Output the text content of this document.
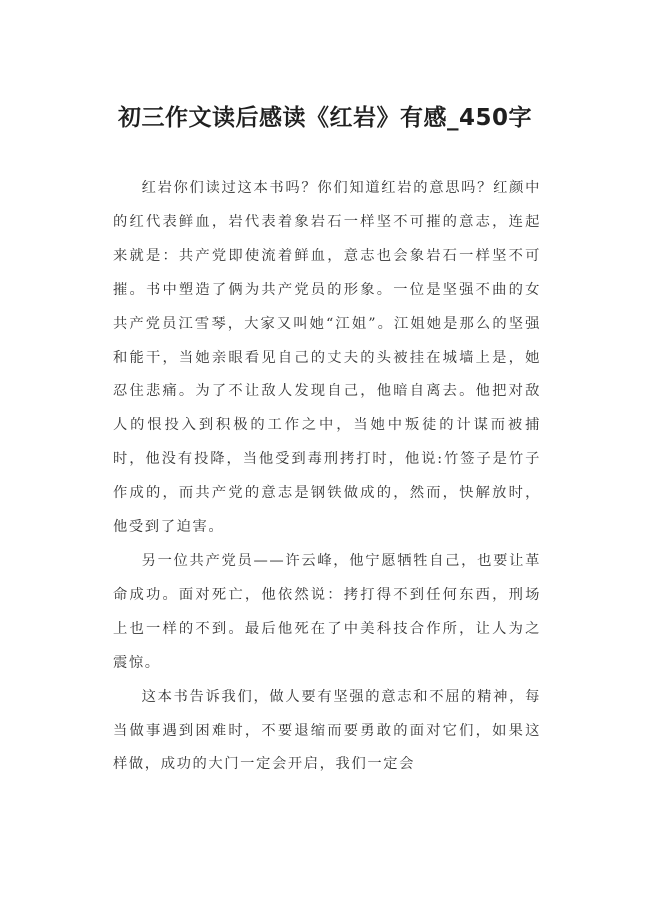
初三作文读后感读《红岩》有感_450字

红岩你们读过这本书吗？你们知道红岩的意思吗？红颜中的红代表鲜血，岩代表着象岩石一样坚不可摧的意志，连起来就是：共产党即使流着鲜血，意志也会象岩石一样坚不可摧。书中塑造了俩为共产党员的形象。一位是坚强不曲的女共产党员江雪琴，大家又叫她“江姐”。江姐她是那么的坚强和能干，当她亲眼看见自己的丈夫的头被挂在城墙上是，她忍住悲痛。为了不让敌人发现自己，他暗自离去。他把对敌人的恨投入到积极的工作之中，当她中叛徒的计谋而被捕时，他没有投降，当他受到毒刑拷打时，他说:竹签子是竹子作成的，而共产党的意志是钢铁做成的，然而，快解放时，他受到了迫害。

另一位共产党员——许云峰，他宁愿牺牲自己，也要让革命成功。面对死亡，他依然说：拷打得不到任何东西，刑场上也一样的不到。最后他死在了中美科技合作所，让人为之震惊。

这本书告诉我们，做人要有坚强的意志和不屈的精神，每当做事遇到困难时，不要退缩而要勇敢的面对它们，如果这样做，成功的大门一定会开启，我们一定会
